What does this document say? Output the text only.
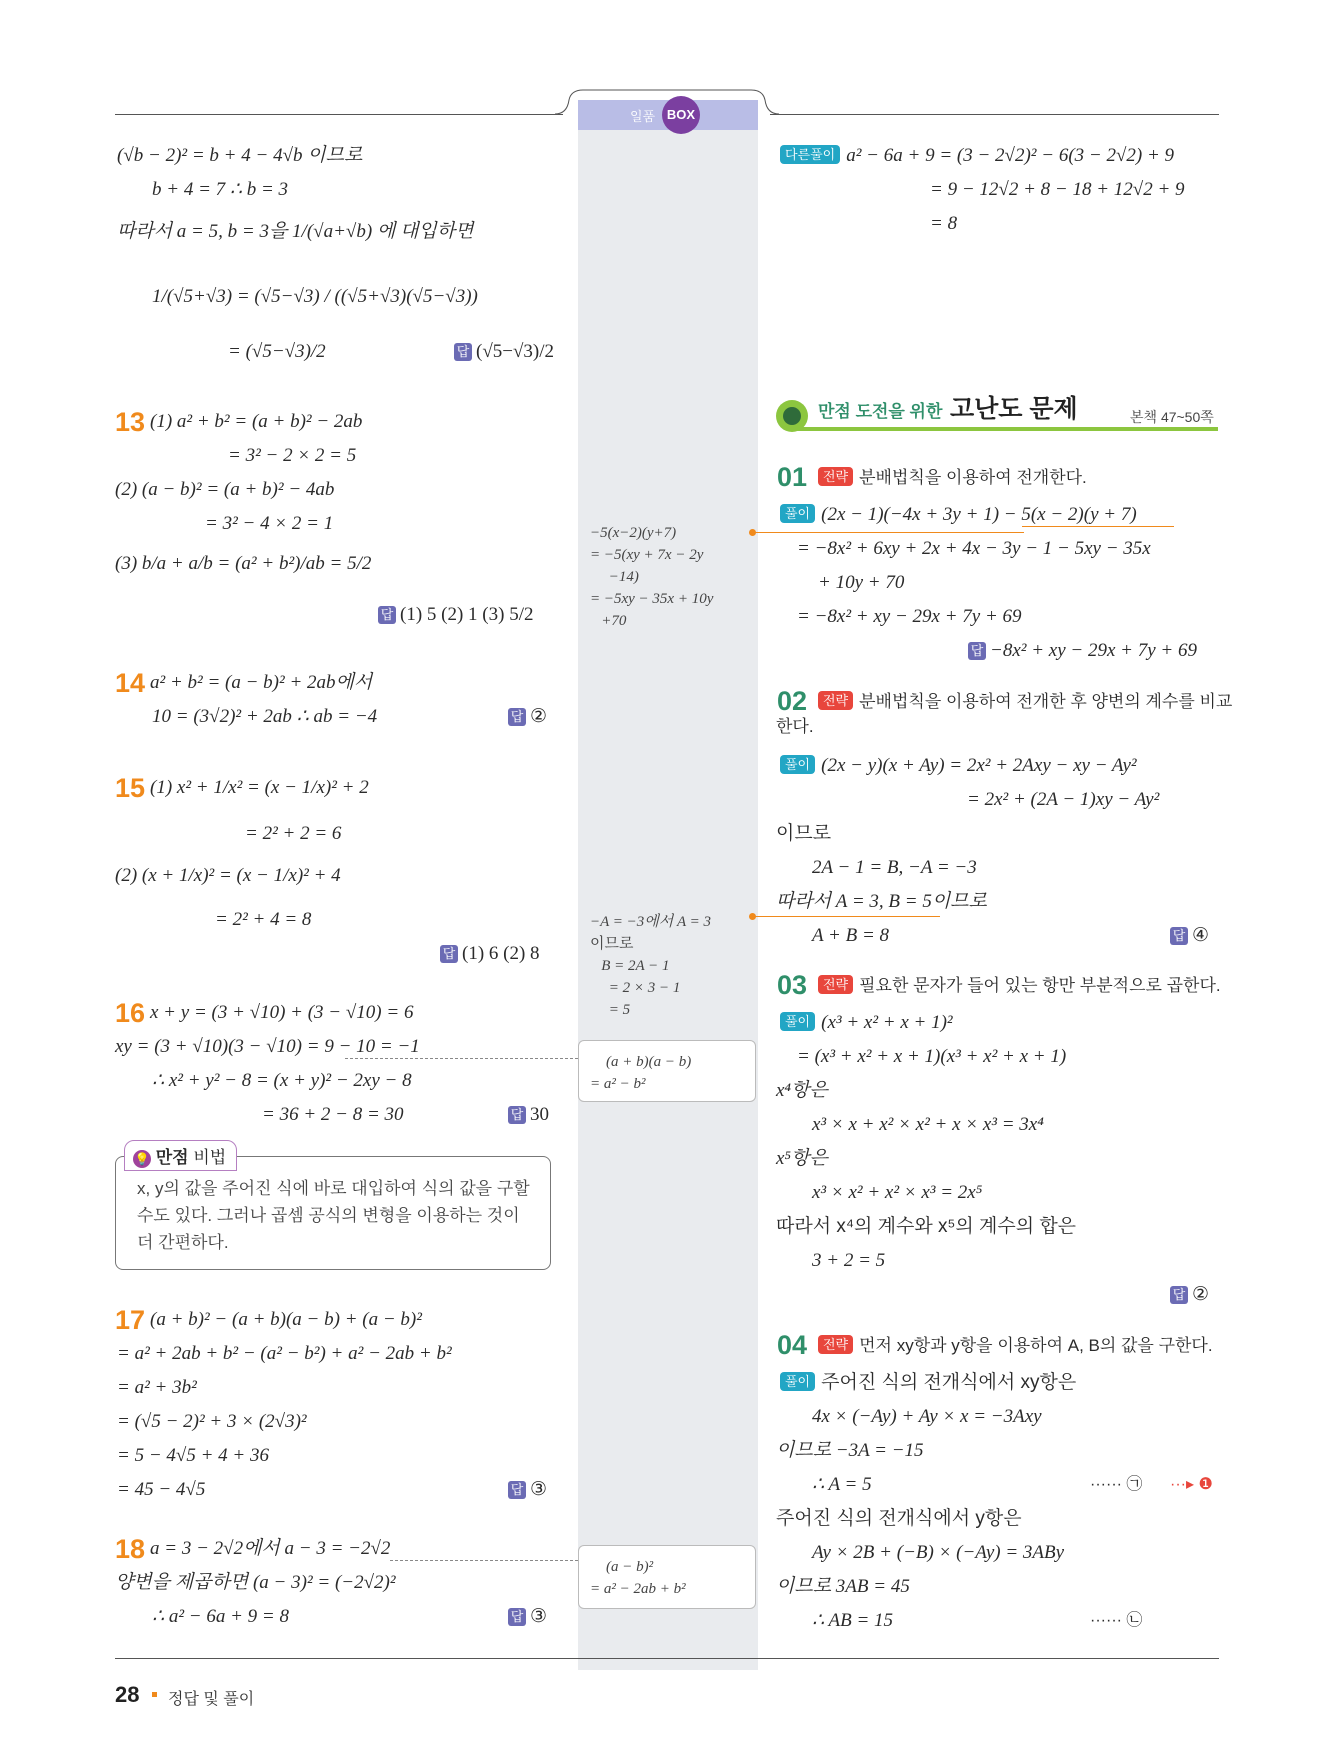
일품 BOX
(√b − 2)² = b + 4 − 4√b 이므로
b + 4 = 7 ∴ b = 3
따라서 a = 5, b = 3을 1/(√a+√b) 에 대입하면
1/(√5+√3) = (√5−√3) / ((√5+√3)(√5−√3))
= (√5−√3)/2	답 (√5−√3)/2
13 (1) a² + b² = (a + b)² − 2ab
= 3² − 2 × 2 = 5
(2) (a − b)² = (a + b)² − 4ab
= 3² − 4 × 2 = 1
(3) b/a + a/b = (a² + b²)/ab = 5/2
답 (1) 5 (2) 1 (3) 5/2
14 a² + b² = (a − b)² + 2ab에서
10 = (3√2)² + 2ab ∴ ab = −4	답 ②
15 (1) x² + 1/x² = (x − 1/x)² + 2
= 2² + 2 = 6
(2) (x + 1/x)² = (x − 1/x)² + 4
= 2² + 4 = 8
답 (1) 6 (2) 8
16 x + y = (3 + √10) + (3 − √10) = 6
xy = (3 + √10)(3 − √10) = 9 − 10 = −1
∴ x² + y² − 8 = (x + y)² − 2xy − 8
= 36 + 2 − 8 = 30	답 30
💡 만점 비법
x, y의 값을 주어진 식에 바로 대입하여 식의 값을 구할
수도 있다. 그러나 곱셈 공식의 변형을 이용하는 것이
더 간편하다.
17 (a + b)² − (a + b)(a − b) + (a − b)²
= a² + 2ab + b² − (a² − b²) + a² − 2ab + b²
= a² + 3b²
= (√5 − 2)² + 3 × (2√3)²
= 5 − 4√5 + 4 + 36
= 45 − 4√5	답 ③
18 a = 3 − 2√2에서 a − 3 = −2√2
양변을 제곱하면 (a − 3)² = (−2√2)²
∴ a² − 6a + 9 = 8	답 ③
−5(x−2)(y+7)
= −5(xy + 7x − 2y
−14)
= −5xy − 35x + 10y
+70
−A = −3에서 A = 3
이므로
B = 2A − 1
= 2 × 3 − 1
= 5
(a + b)(a − b)
= a² − b²
(a − b)²
= a² − 2ab + b²
다른풀이 a² − 6a + 9 = (3 − 2√2)² − 6(3 − 2√2) + 9
= 9 − 12√2 + 8 − 18 + 12√2 + 9
= 8
만점 도전을 위한 고난도 문제	본책 47~50쪽
01	전략 분배법칙을 이용하여 전개한다.
풀이 (2x − 1)(−4x + 3y + 1) − 5(x − 2)(y + 7)
= −8x² + 6xy + 2x + 4x − 3y − 1 − 5xy − 35x
+ 10y + 70
= −8x² + xy − 29x + 7y + 69
답 −8x² + xy − 29x + 7y + 69
02	전략 분배법칙을 이용하여 전개한 후 양변의 계수를 비교
한다.
풀이 (2x − y)(x + Ay) = 2x² + 2Axy − xy − Ay²
= 2x² + (2A − 1)xy − Ay²
이므로
2A − 1 = B, −A = −3
따라서 A = 3, B = 5이므로
A + B = 8	답 ④
03	전략 필요한 문자가 들어 있는 항만 부분적으로 곱한다.
풀이 (x³ + x² + x + 1)²
= (x³ + x² + x + 1)(x³ + x² + x + 1)
x⁴항은
x³ × x + x² × x² + x × x³ = 3x⁴
x⁵항은
x³ × x² + x² × x³ = 2x⁵
따라서 x⁴의 계수와 x⁵의 계수의 합은
3 + 2 = 5
답 ②
04	전략 먼저 xy항과 y항을 이용하여 A, B의 값을 구한다.
풀이 주어진 식의 전개식에서 xy항은
4x × (−Ay) + Ay × x = −3Axy
이므로 −3A = −15
∴ A = 5	······ ㉠ ···▸ ❶
주어진 식의 전개식에서 y항은
Ay × 2B + (−B) × (−Ay) = 3ABy
이므로 3AB = 45
∴ AB = 15	······ ㉡
28 정답 및 풀이
